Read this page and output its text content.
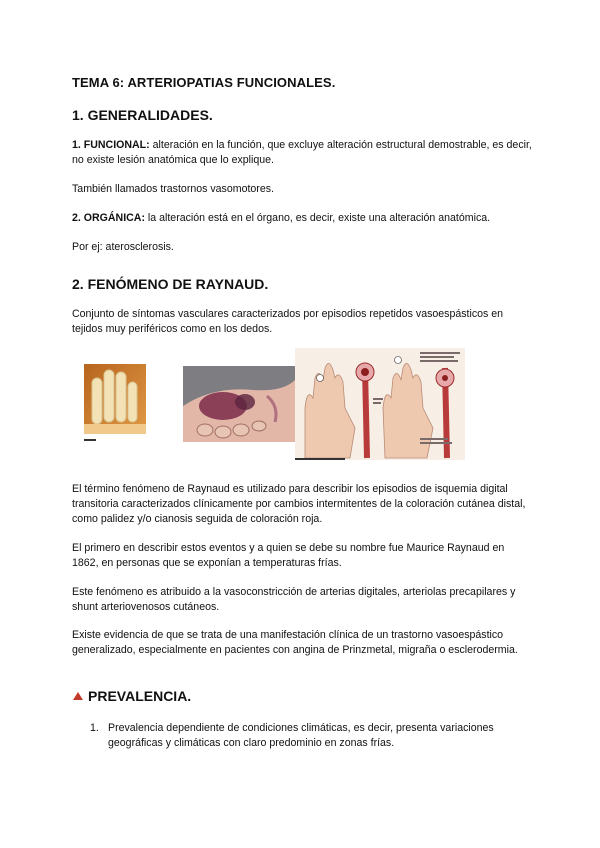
TEMA 6: ARTERIOPATIAS FUNCIONALES.
1. GENERALIDADES.

1. FUNCIONAL: alteración en la función, que excluye alteración estructural demostrable, es decir, no existe lesión anatómica que lo explique.

También llamados trastornos vasomotores.

2. ORGÁNICA: la alteración está en el órgano, es decir, existe una alteración anatómica.

Por ej: aterosclerosis.

2. FENÓMENO DE RAYNAUD.

Conjunto de síntomas vasculares caracterizados por episodios repetidos vasoespásticos en tejidos muy periféricos como en los dedos.

El término fenómeno de Raynaud es utilizado para describir los episodios de isquemia digital transitoria caracterizados clínicamente por cambios intermitentes de la coloración cutánea distal, como palidez y/o cianosis seguida de coloración roja.

El primero en describir estos eventos y a quien se debe su nombre fue Maurice Raynaud en 1862, en personas que se exponían a temperaturas frías.

Este fenómeno es atribuido a la vasoconstricción de arterias digitales, arteriolas precapilares y shunt arteriovenosos cutáneos.

Existe evidencia de que se trata de una manifestación clínica de un trastorno vasoespástico generalizado, especialmente en pacientes con angina de Prinzmetal, migraña o esclerodermia.

PREVALENCIA.
1. Prevalencia dependiente de condiciones climáticas, es decir, presenta variaciones geográficas y climáticas con claro predominio en zonas frías.
